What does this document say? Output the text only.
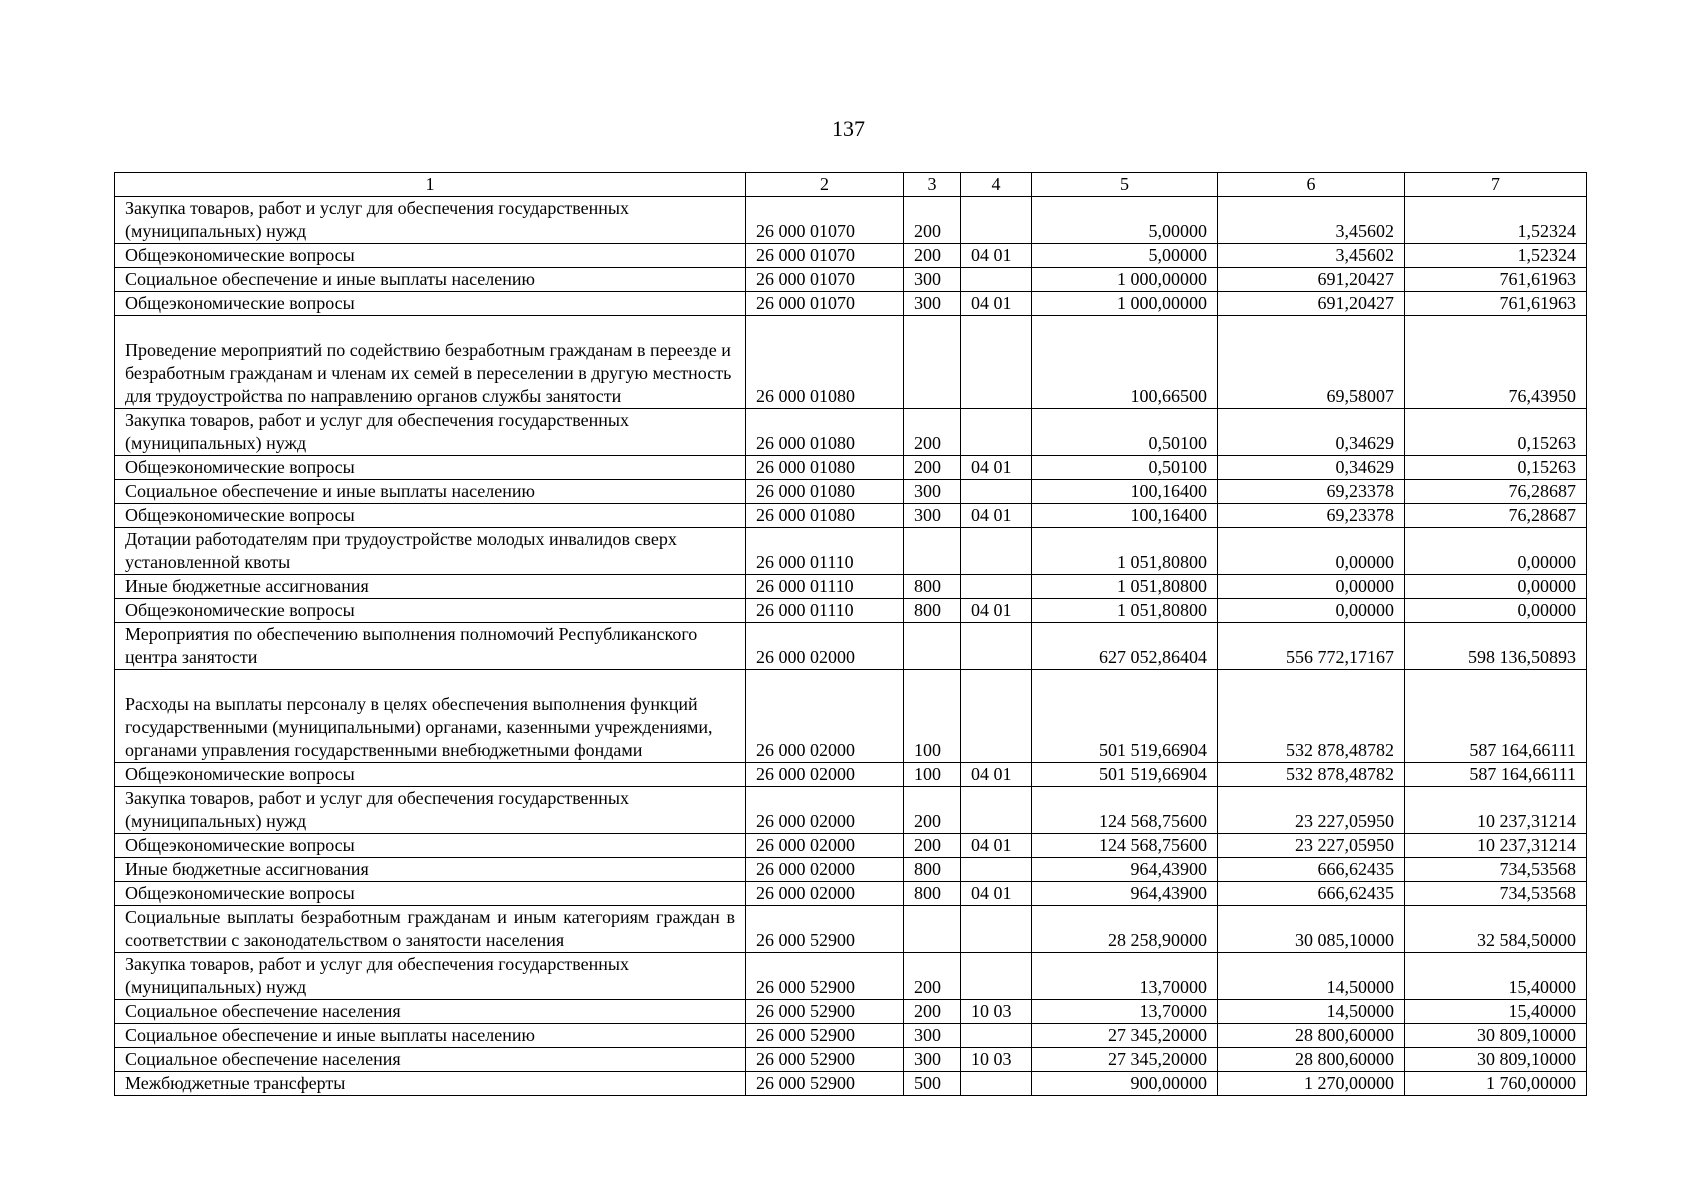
137
1	2	3	4	5	6	7
Закупка товаров, работ и услуг для обеспечения государственных (муниципальных) нужд	26 000 01070	200		5,00000	3,45602	1,52324
Общеэкономические вопросы	26 000 01070	200	04 01	5,00000	3,45602	1,52324
Социальное обеспечение и иные выплаты населению	26 000 01070	300		1 000,00000	691,20427	761,61963
Общеэкономические вопросы	26 000 01070	300	04 01	1 000,00000	691,20427	761,61963
Проведение мероприятий по содействию безработным гражданам в переезде и безработным гражданам и членам их семей в переселении в другую местность для трудоустройства по направлению органов службы занятости	26 000 01080			100,66500	69,58007	76,43950
Закупка товаров, работ и услуг для обеспечения государственных (муниципальных) нужд	26 000 01080	200		0,50100	0,34629	0,15263
Общеэкономические вопросы	26 000 01080	200	04 01	0,50100	0,34629	0,15263
Социальное обеспечение и иные выплаты населению	26 000 01080	300		100,16400	69,23378	76,28687
Общеэкономические вопросы	26 000 01080	300	04 01	100,16400	69,23378	76,28687
Дотации работодателям при трудоустройстве молодых инвалидов сверх установленной квоты	26 000 01110			1 051,80800	0,00000	0,00000
Иные бюджетные ассигнования	26 000 01110	800		1 051,80800	0,00000	0,00000
Общеэкономические вопросы	26 000 01110	800	04 01	1 051,80800	0,00000	0,00000
Мероприятия по обеспечению выполнения полномочий Республиканского центра занятости	26 000 02000			627 052,86404	556 772,17167	598 136,50893
Расходы на выплаты персоналу в целях обеспечения выполнения функций государственными (муниципальными) органами, казенными учреждениями, органами управления государственными внебюджетными фондами	26 000 02000	100		501 519,66904	532 878,48782	587 164,66111
Общеэкономические вопросы	26 000 02000	100	04 01	501 519,66904	532 878,48782	587 164,66111
Закупка товаров, работ и услуг для обеспечения государственных (муниципальных) нужд	26 000 02000	200		124 568,75600	23 227,05950	10 237,31214
Общеэкономические вопросы	26 000 02000	200	04 01	124 568,75600	23 227,05950	10 237,31214
Иные бюджетные ассигнования	26 000 02000	800		964,43900	666,62435	734,53568
Общеэкономические вопросы	26 000 02000	800	04 01	964,43900	666,62435	734,53568
Социальные выплаты безработным гражданам и иным категориям граждан в соответствии с законодательством о занятости населения	26 000 52900			28 258,90000	30 085,10000	32 584,50000
Закупка товаров, работ и услуг для обеспечения государственных (муниципальных) нужд	26 000 52900	200		13,70000	14,50000	15,40000
Социальное обеспечение населения	26 000 52900	200	10 03	13,70000	14,50000	15,40000
Социальное обеспечение и иные выплаты населению	26 000 52900	300		27 345,20000	28 800,60000	30 809,10000
Социальное обеспечение населения	26 000 52900	300	10 03	27 345,20000	28 800,60000	30 809,10000
Межбюджетные трансферты	26 000 52900	500		900,00000	1 270,00000	1 760,00000
